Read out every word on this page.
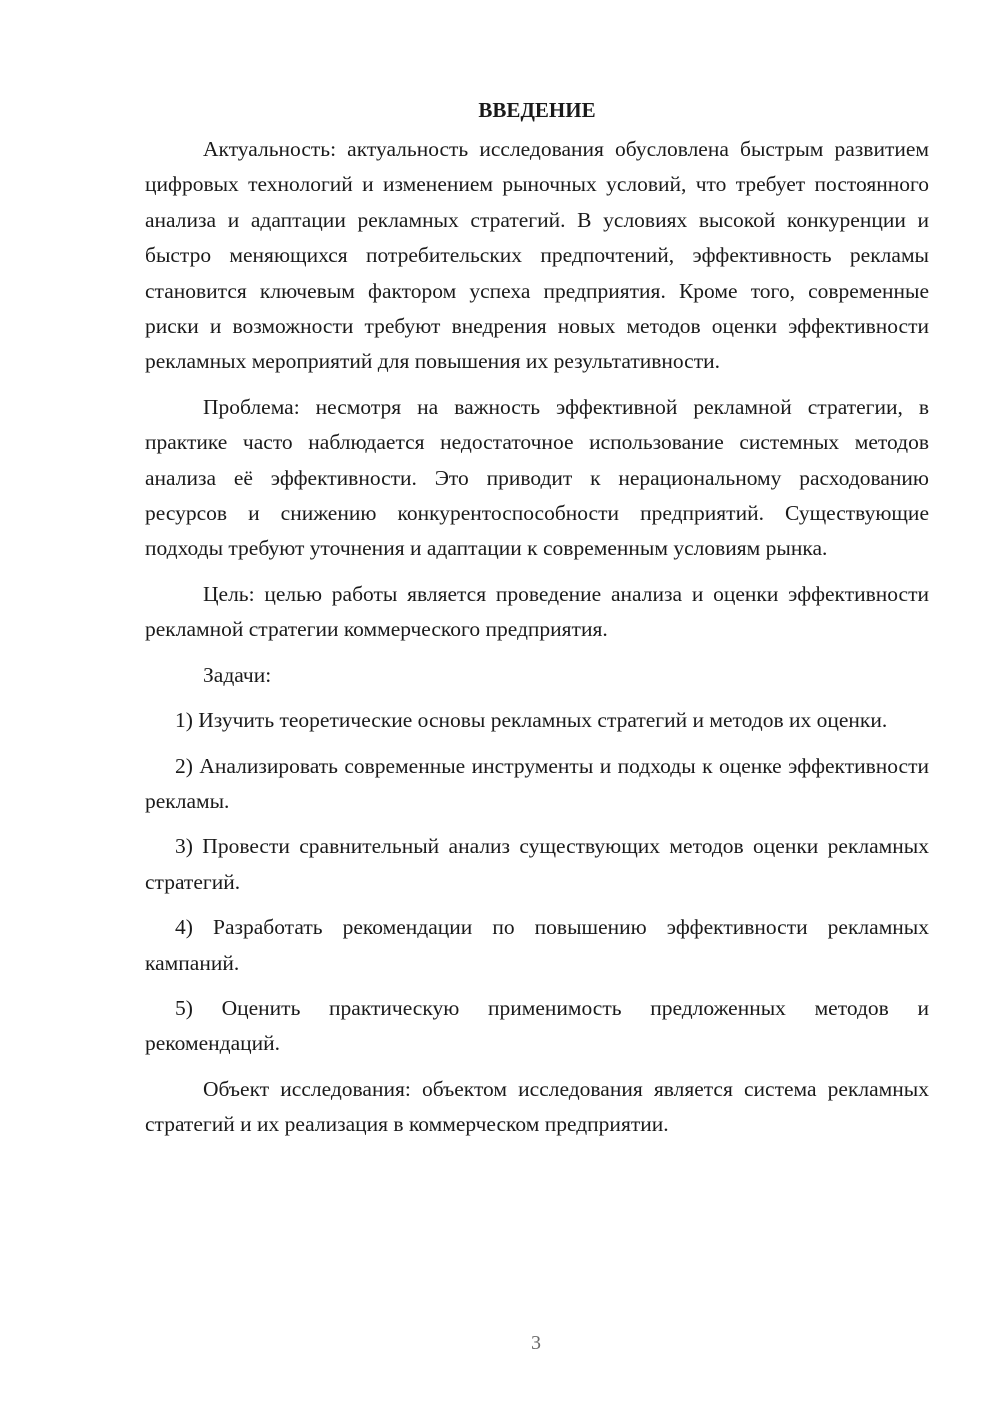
ВВЕДЕНИЕ

Актуальность: актуальность исследования обусловлена быстрым развитием цифровых технологий и изменением рыночных условий, что требует постоянного анализа и адаптации рекламных стратегий. В условиях высокой конкуренции и быстро меняющихся потребительских предпочтений, эффективность рекламы становится ключевым фактором успеха предприятия. Кроме того, современные риски и возможности требуют внедрения новых методов оценки эффективности рекламных мероприятий для повышения их результативности.

Проблема: несмотря на важность эффективной рекламной стратегии, в практике часто наблюдается недостаточное использование системных методов анализа её эффективности. Это приводит к нерациональному расходованию ресурсов и снижению конкурентоспособности предприятий. Существующие подходы требуют уточнения и адаптации к современным условиям рынка.

Цель: целью работы является проведение анализа и оценки эффективности рекламной стратегии коммерческого предприятия.

Задачи:

1) Изучить теоретические основы рекламных стратегий и методов их оценки.

2) Анализировать современные инструменты и подходы к оценке эффективности рекламы.

3) Провести сравнительный анализ существующих методов оценки рекламных стратегий.

4) Разработать рекомендации по повышению эффективности рекламных кампаний.

5) Оценить практическую применимость предложенных методов и рекомендаций.

Объект исследования: объектом исследования является система рекламных стратегий и их реализация в коммерческом предприятии.

3
